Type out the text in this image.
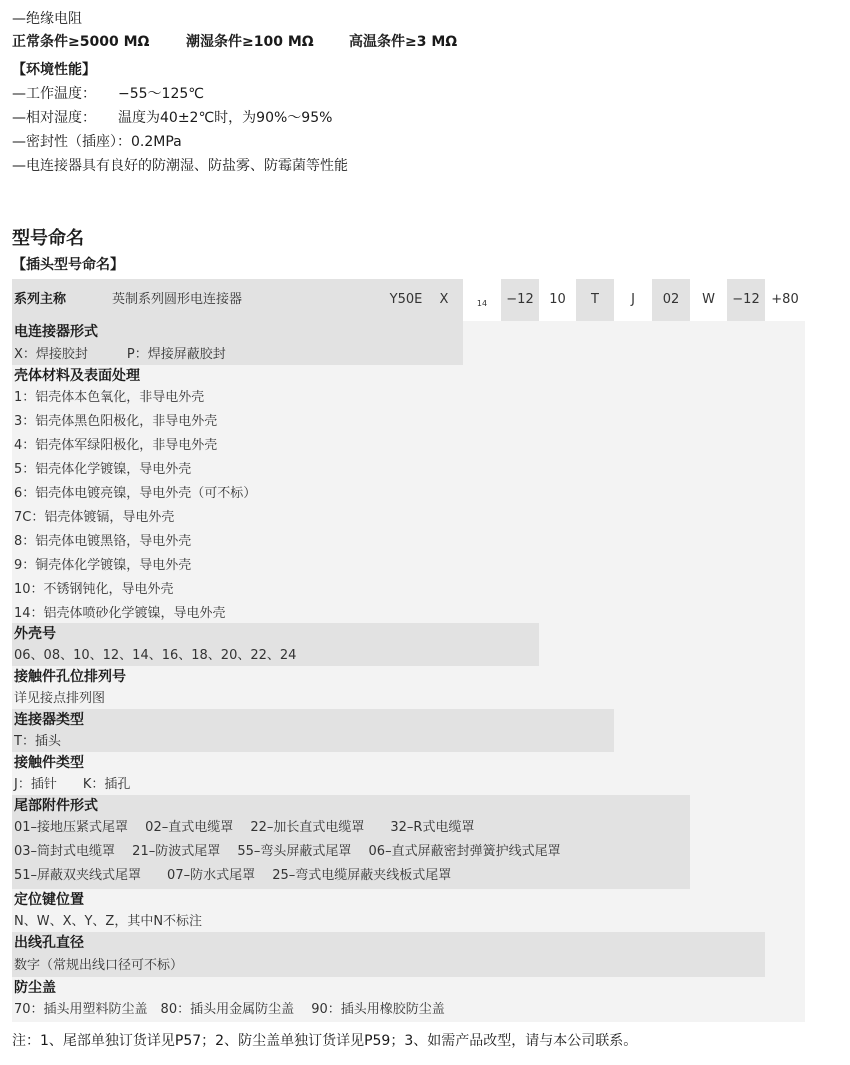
—绝缘电阻
正常条件≥5000 MΩ	潮湿条件≥100 MΩ	高温条件≥3 MΩ
【环境性能】
—工作温度： −55～125℃
—相对湿度： 温度为40±2℃时，为90%～95%
—密封性（插座）：0.2MPa
—电连接器具有良好的防潮湿、防盐雾、防霉菌等性能
型号命名
【插头型号命名】
系列主称	英制系列圆形电连接器	Y50E	X	14	−12	10	T	J	02	W	−12 +80
电连接器形式
X：焊接胶封　　　P：焊接屏蔽胶封
壳体材料及表面处理
1：铝壳体本色氧化，非导电外壳
3：铝壳体黑色阳极化，非导电外壳
4：铝壳体军绿阳极化，非导电外壳
5：铝壳体化学镀镍，导电外壳
6：铝壳体电镀亮镍，导电外壳（可不标）
7C：铝壳体镀镉，导电外壳
8：铝壳体电镀黑铬，导电外壳
9：铜壳体化学镀镍，导电外壳
10：不锈钢钝化，导电外壳
14：铝壳体喷砂化学镀镍，导电外壳
外壳号
06、08、10、12、14、16、18、20、22、24
接触件孔位排列号
详见接点排列图
连接器类型
T：插头
接触件类型
J：插针　　K：插孔
尾部附件形式
01–接地压紧式尾罩　 02–直式电缆罩　 22–加长直式电缆罩　　32–R式电缆罩
03–筒封式电缆罩　 21–防波式尾罩　 55–弯头屏蔽式尾罩　 06–直式屏蔽密封弹簧护线式尾罩
51–屏蔽双夹线式尾罩　　07–防水式尾罩　 25–弯式电缆屏蔽夹线板式尾罩
定位键位置
N、W、X、Y、Z，其中N不标注
出线孔直径
数字（常规出线口径可不标）
防尘盖
70：插头用塑料防尘盖　80：插头用金属防尘盖　 90：插头用橡胶防尘盖
注：1、尾部单独订货详见P57；2、防尘盖单独订货详见P59；3、如需产品改型，请与本公司联系。
